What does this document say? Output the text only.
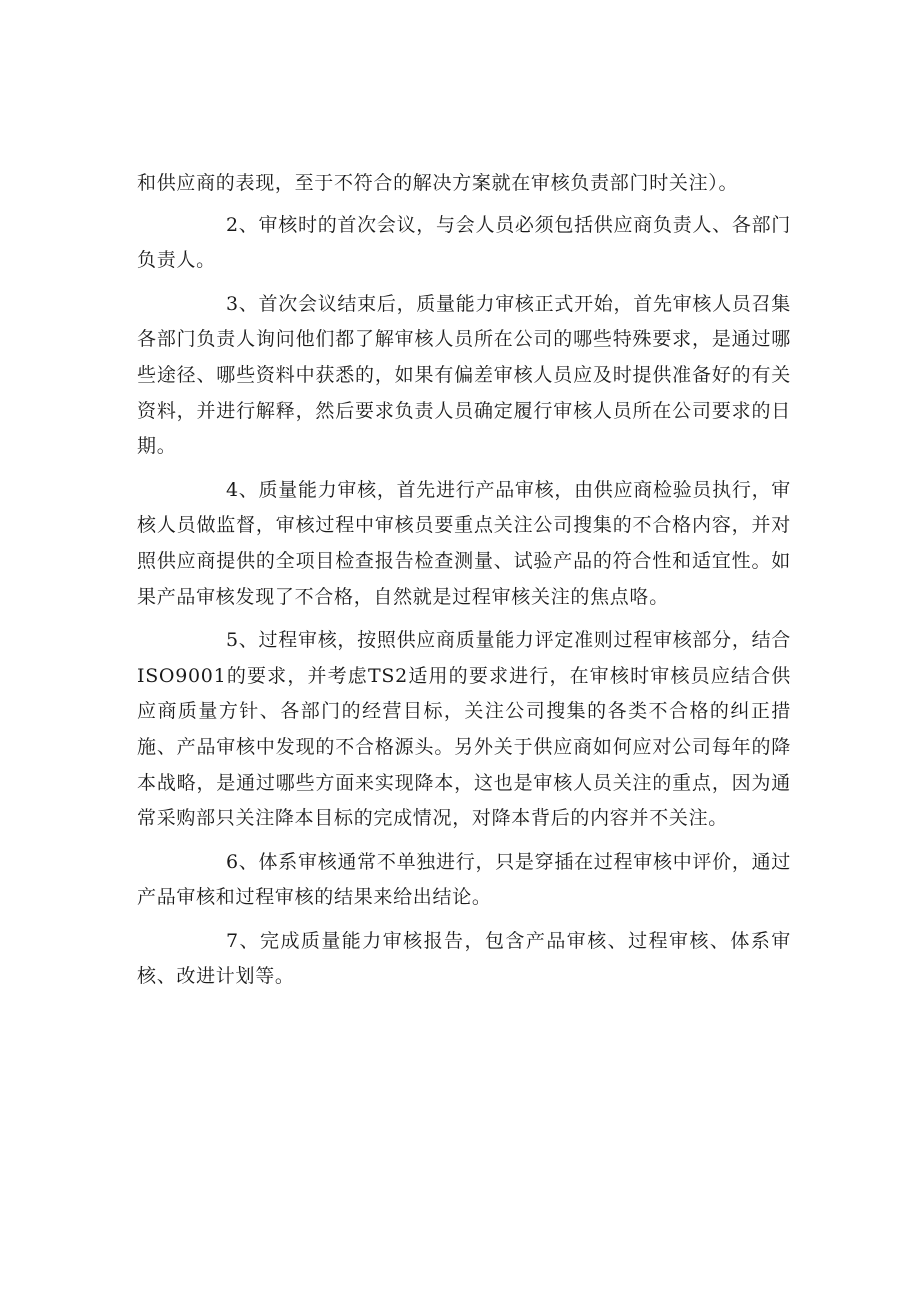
和供应商的表现，至于不符合的解决方案就在审核负责部门时关注）。

2、审核时的首次会议，与会人员必须包括供应商负责人、各部门负责人。

3、首次会议结束后，质量能力审核正式开始，首先审核人员召集各部门负责人询问他们都了解审核人员所在公司的哪些特殊要求，是通过哪些途径、哪些资料中获悉的，如果有偏差审核人员应及时提供准备好的有关资料，并进行解释，然后要求负责人员确定履行审核人员所在公司要求的日期。

4、质量能力审核，首先进行产品审核，由供应商检验员执行，审核人员做监督，审核过程中审核员要重点关注公司搜集的不合格内容，并对照供应商提供的全项目检查报告检查测量、试验产品的符合性和适宜性。如果产品审核发现了不合格，自然就是过程审核关注的焦点咯。

5、过程审核，按照供应商质量能力评定准则过程审核部分，结合ISO9001的要求，并考虑TS2适用的要求进行，在审核时审核员应结合供应商质量方针、各部门的经营目标，关注公司搜集的各类不合格的纠正措施、产品审核中发现的不合格源头。另外关于供应商如何应对公司每年的降本战略，是通过哪些方面来实现降本，这也是审核人员关注的重点，因为通常采购部只关注降本目标的完成情况，对降本背后的内容并不关注。

6、体系审核通常不单独进行，只是穿插在过程审核中评价，通过产品审核和过程审核的结果来给出结论。

7、完成质量能力审核报告，包含产品审核、过程审核、体系审核、改进计划等。
